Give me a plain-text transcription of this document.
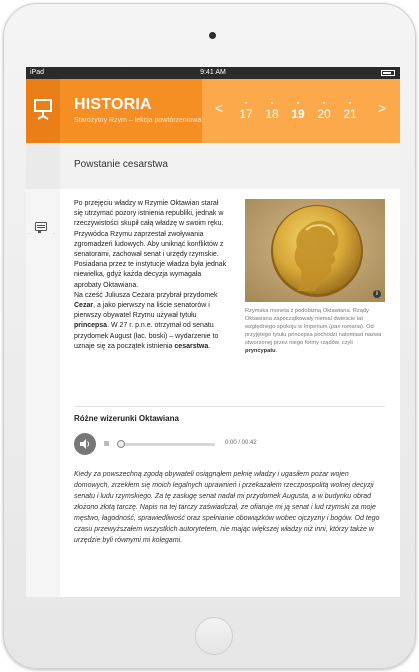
iPad	9:41 AM
HISTORIA
Starożytny Rzym – lekcja powtórzeniowa
<	>
17
●
18
●
19
●
20
●
21
●
Powstanie cesarstwa
·	·
Po przejęciu władzy w Rzymie Oktawian starał się utrzymać pozory istnienia republiki, jednak w rzeczywistości skupił całą władzę w swoim ręku.
Przywódca Rzymu zaprzestał zwoływania zgromadzeń ludowych. Aby uniknąć konfliktów z senatorami, zachował senat i urzędy rzymskie. Posiadana przez te instytucje władza była jednak niewielka, gdyż każda decyzja wymagała aprobaty Oktawiana.
Na cześć Juliusza Cezara przybrał przydomek Cezar, a jako pierwszy na liście senatorów i pierwszy obywatel Rzymu używał tytułu princepsa. W 27 r. p.n.e. otrzymał od senatu przydomek August (łac. boski) – wydarzenie to uznaje się za początek istnienia cesarstwa.
i
Rzymska moneta z podobizną Oktawiana. Rządy Oktawiana zapoczątkowały niemal dwieście lat względnego spokoju w Imperium (pax romana). Od przyjętego tytułu princepsa pochodzi natomiast nazwa stworzonej przez niego formy rządów, czyli pryncypatu.
Różne wizerunki Oktawiana
0:00 / 00:42

Kiedy za powszechną zgodą obywateli osiągnąłem pełnię władzy i ugasiłem pożar wojen domowych, zrzekłem się moich legalnych uprawnień i przekazałem rzeczpospolitą wolnej decyzji senatu i ludu rzymskiego. Za tę zasługę senat nadał mi przydomek Augusta, a w budynku obrad złożono złotą tarczę. Napis na tej tarczy zaświadczał, że ofiaruje mi ją senat i lud rzymski za moje męstwo, łagodność, sprawiedliwość oraz spełnianie obowiązków wobec ojczyzny i bogów. Od tego czasu przewyższałem wszystkich autorytetem, nie mając większej władzy niż inni, którzy także w urzędzie byli równymi mi kolegami.
